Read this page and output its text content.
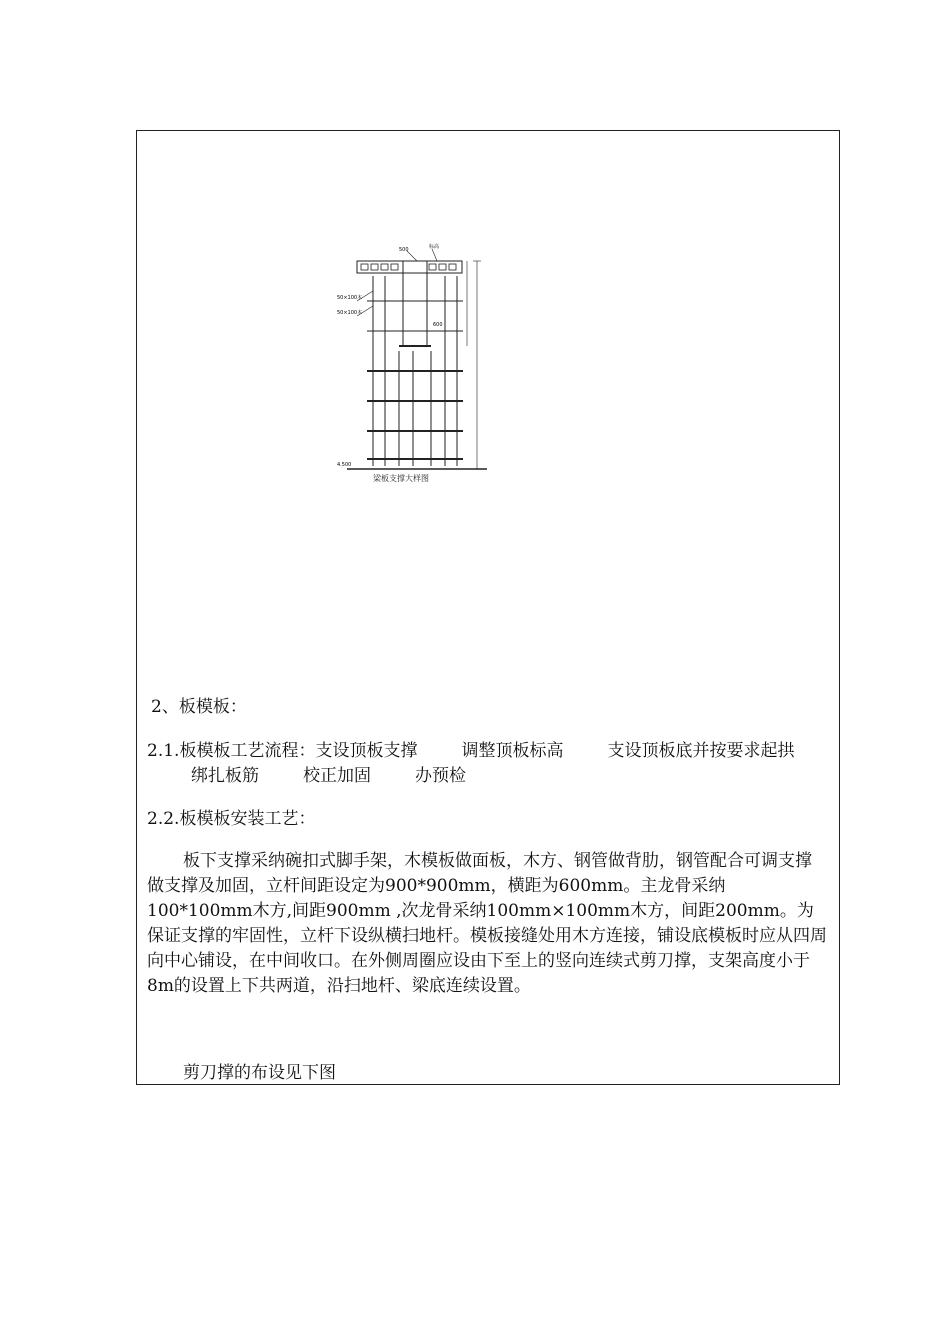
500	标高
50×100木
50×100木
600
4.500
梁板支撑大样图
2、板模板：
2.1.板模板工艺流程：支设顶板支撑	调整顶板标高	支设顶板底并按要求起拱绑扎板筋	校正加固	办预检
2.2.板模板安装工艺：
板下支撑采纳碗扣式脚手架，木模板做面板，木方、钢管做背肋，钢管配合可调支撑做支撑及加固，立杆间距设定为900*900mm，横距为600mm。主龙骨采纳100*100mm木方,间距900mm ,次龙骨采纳100mm×100mm木方，间距200mm。为保证支撑的牢固性，立杆下设纵横扫地杆。模板接缝处用木方连接，铺设底模板时应从四周向中心铺设，在中间收口。在外侧周圈应设由下至上的竖向连续式剪刀撑，支架高度小于8m的设置上下共两道，沿扫地杆、梁底连续设置。
剪刀撑的布设见下图
